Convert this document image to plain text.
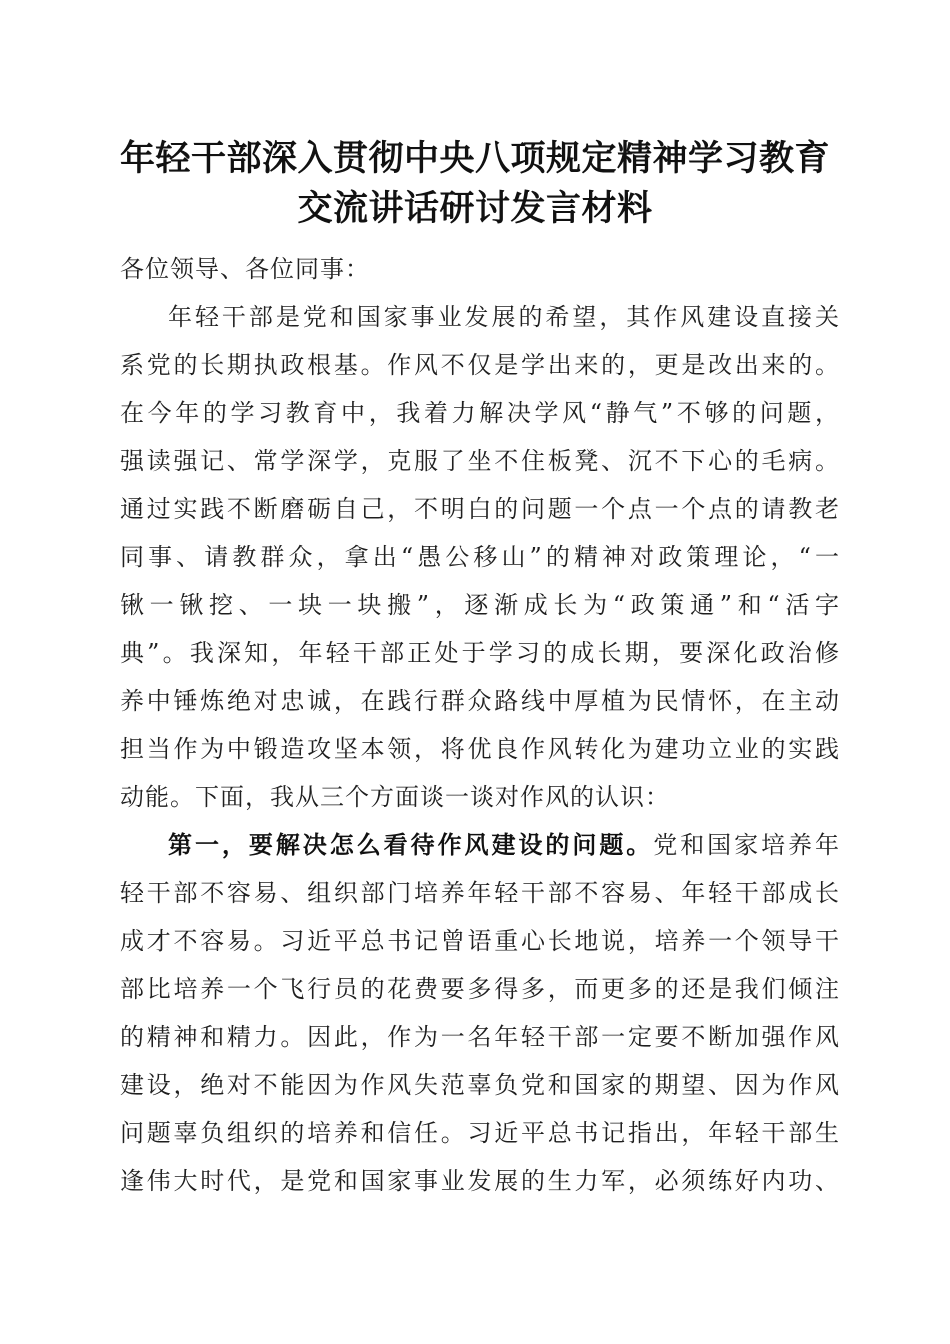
年轻干部深入贯彻中央八项规定精神学习教育
交流讲话研讨发言材料
各位领导、各位同事：
年轻干部是党和国家事业发展的希望，其作风建设直接关
系党的长期执政根基。作风不仅是学出来的，更是改出来的。
在今年的学习教育中，我着力解决学风“静气”不够的问题，
强读强记、常学深学，克服了坐不住板凳、沉不下心的毛病。
通过实践不断磨砺自己，不明白的问题一个点一个点的请教老
同事、请教群众，拿出“愚公移山”的精神对政策理论，“一
锹一锹挖、一块一块搬”，逐渐成长为“政策通”和“活字
典”。我深知，年轻干部正处于学习的成长期，要深化政治修
养中锤炼绝对忠诚，在践行群众路线中厚植为民情怀，在主动
担当作为中锻造攻坚本领，将优良作风转化为建功立业的实践
动能。下面，我从三个方面谈一谈对作风的认识：
第一，要解决怎么看待作风建设的问题。党和国家培养年
轻干部不容易、组织部门培养年轻干部不容易、年轻干部成长
成才不容易。习近平总书记曾语重心长地说，培养一个领导干
部比培养一个飞行员的花费要多得多，而更多的还是我们倾注
的精神和精力。因此，作为一名年轻干部一定要不断加强作风
建设，绝对不能因为作风失范辜负党和国家的期望、因为作风
问题辜负组织的培养和信任。习近平总书记指出，年轻干部生
逢伟大时代，是党和国家事业发展的生力军，必须练好内功、
